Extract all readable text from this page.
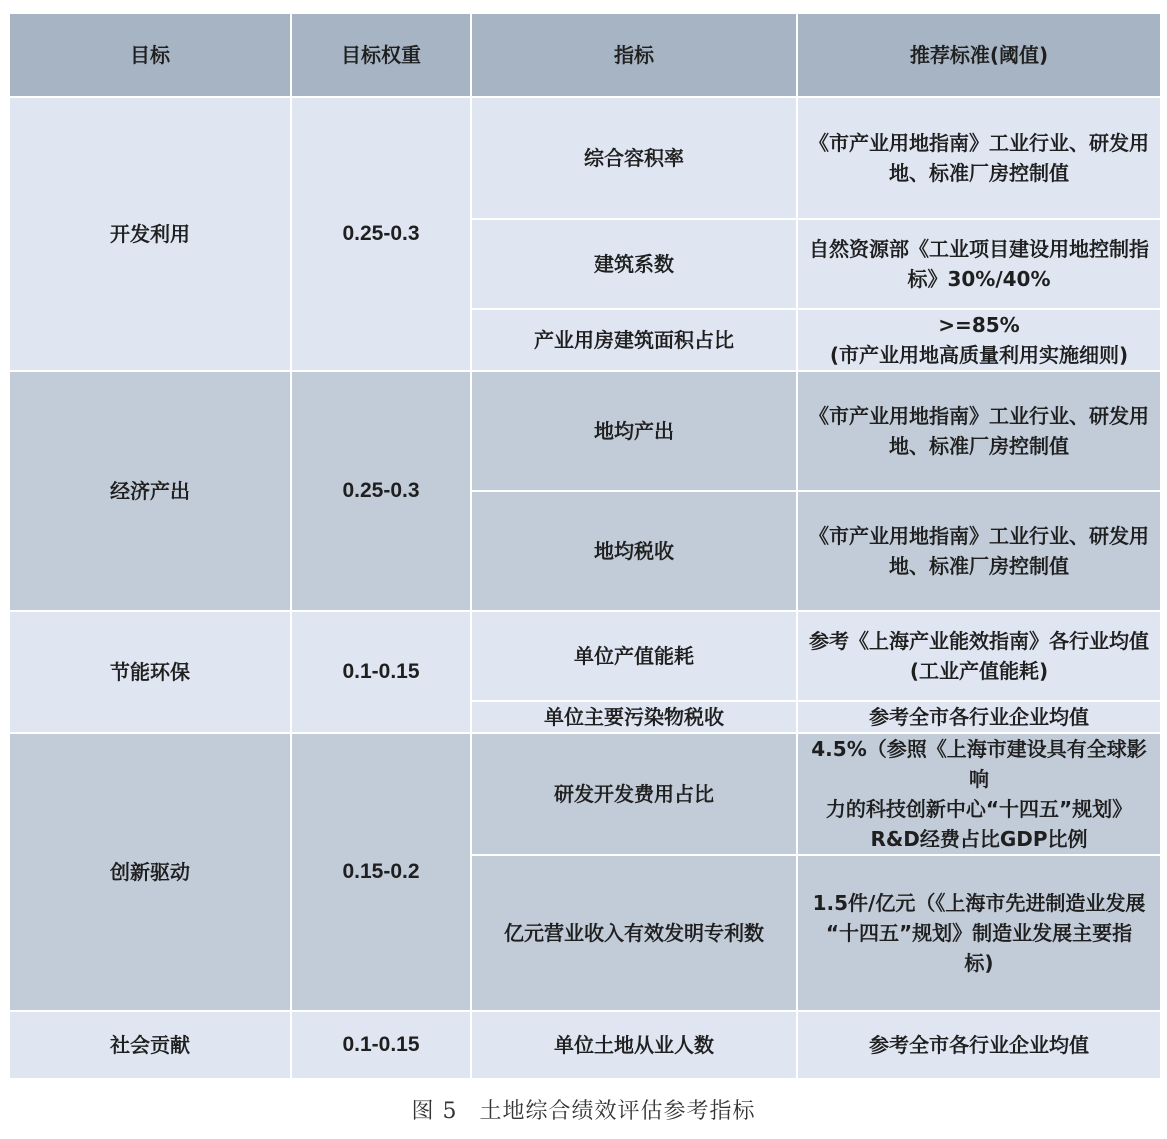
目标	目标权重	指标	推荐标准(阈值)
开发利用	0.25-0.3	综合容积率	《市产业用地指南》工业行业、研发用
地、标准厂房控制值

		建筑系数	自然资源部《工业项目建设用地控制指
标》30%/40%

		产业用房建筑面积占比	>=85%
(市产业用地高质量利用实施细则)

经济产出	0.25-0.3	地均产出	《市产业用地指南》工业行业、研发用
地、标准厂房控制值

		地均税收	《市产业用地指南》工业行业、研发用
地、标准厂房控制值

节能环保	0.1-0.15	单位产值能耗	参考《上海产业能效指南》各行业均值
(工业产值能耗)

		单位主要污染物税收	参考全市各行业企业均值

创新驱动	0.15-0.2	研发开发费用占比	4.5%（参照《上海市建设具有全球影响
力的科技创新中心“十四五”规划》
R&D经费占比GDP比例

		亿元营业收入有效发明专利数	1.5件/亿元（《上海市先进制造业发展
“十四五”规划》制造业发展主要指
标)

社会贡献	0.1-0.15	单位土地从业人数	参考全市各行业企业均值
图 5 土地综合绩效评估参考指标
